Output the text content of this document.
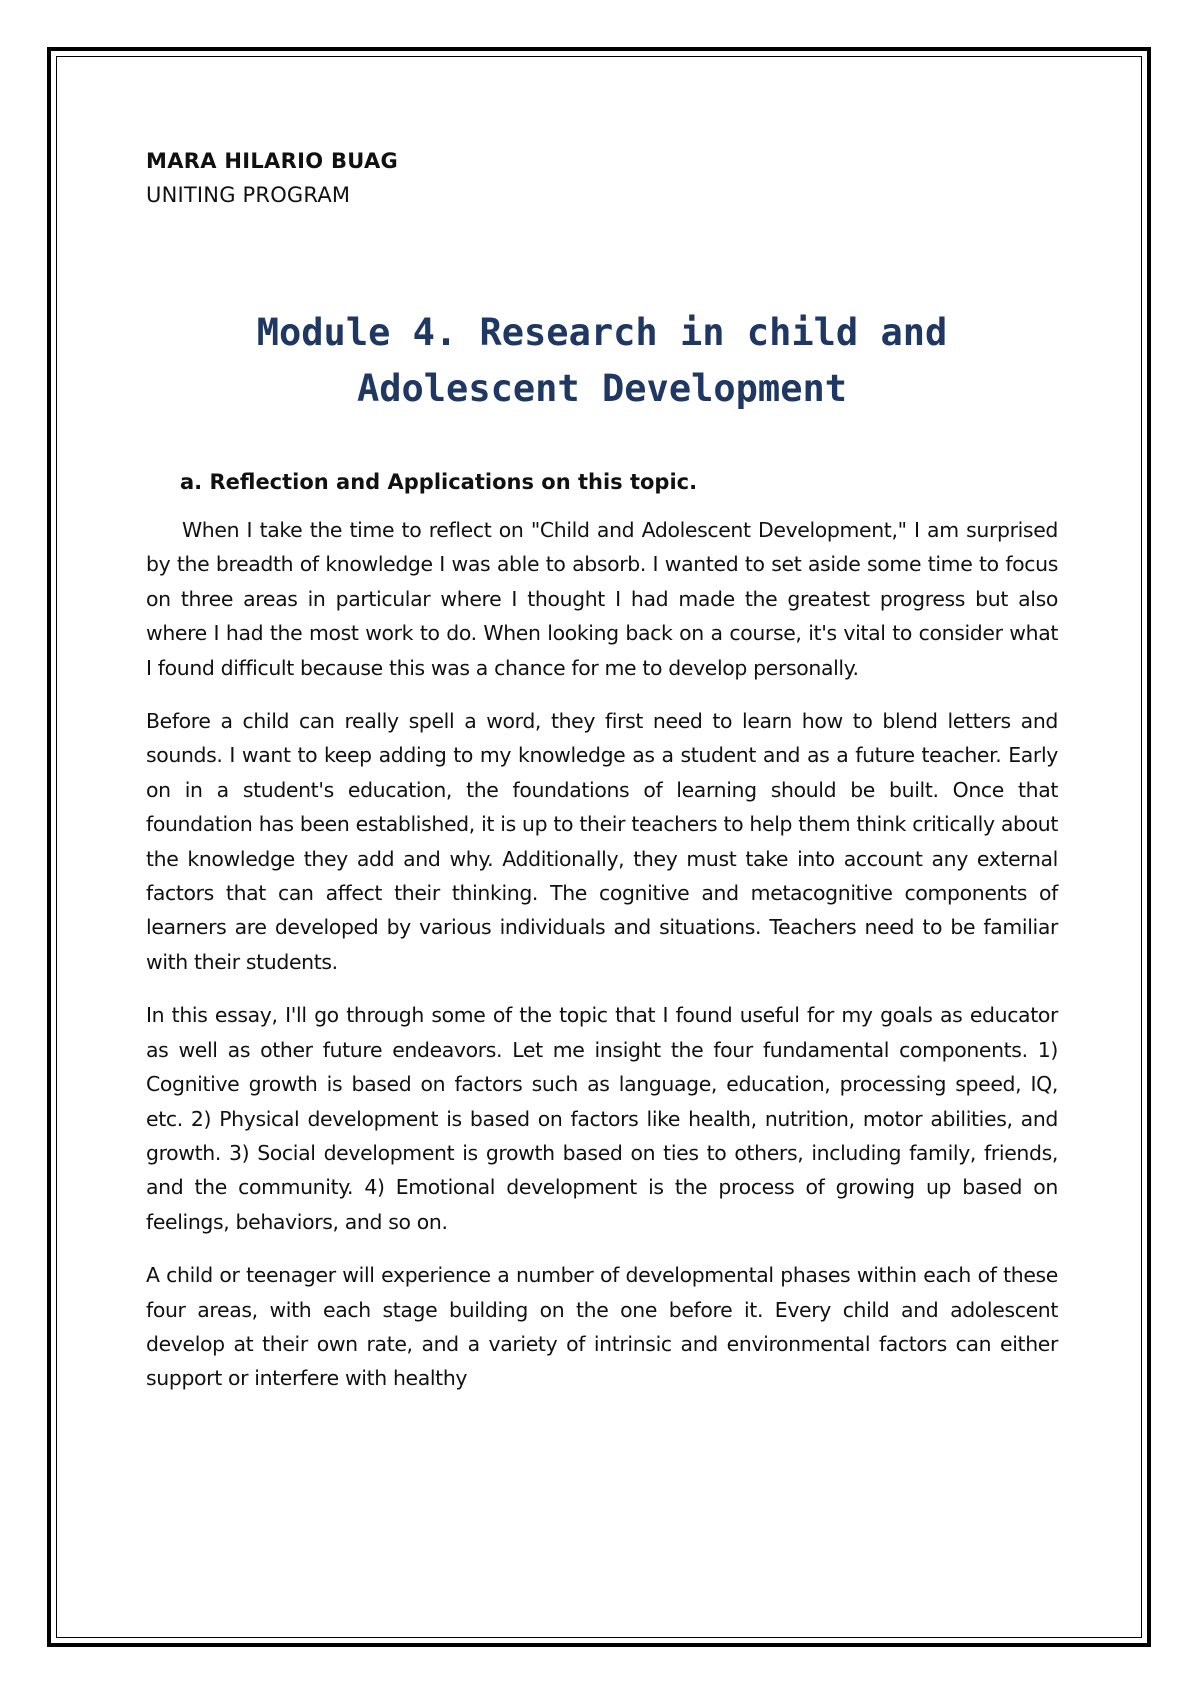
MARA HILARIO BUAG

UNITING PROGRAM

Module 4. Research in child and Adolescent Development
a. Reflection and Applications on this topic.

When I take the time to reflect on "Child and Adolescent Development," I am surprised by the breadth of knowledge I was able to absorb. I wanted to set aside some time to focus on three areas in particular where I thought I had made the greatest progress but also where I had the most work to do. When looking back on a course, it's vital to consider what I found difficult because this was a chance for me to develop personally.

Before a child can really spell a word, they first need to learn how to blend letters and sounds. I want to keep adding to my knowledge as a student and as a future teacher. Early on in a student's education, the foundations of learning should be built. Once that foundation has been established, it is up to their teachers to help them think critically about the knowledge they add and why. Additionally, they must take into account any external factors that can affect their thinking. The cognitive and metacognitive components of learners are developed by various individuals and situations. Teachers need to be familiar with their students.

In this essay, I'll go through some of the topic that I found useful for my goals as educator as well as other future endeavors. Let me insight the four fundamental components. 1) Cognitive growth is based on factors such as language, education, processing speed, IQ, etc. 2) Physical development is based on factors like health, nutrition, motor abilities, and growth. 3) Social development is growth based on ties to others, including family, friends, and the community. 4) Emotional development is the process of growing up based on feelings, behaviors, and so on.

A child or teenager will experience a number of developmental phases within each of these four areas, with each stage building on the one before it. Every child and adolescent develop at their own rate, and a variety of intrinsic and environmental factors can either support or interfere with healthy
